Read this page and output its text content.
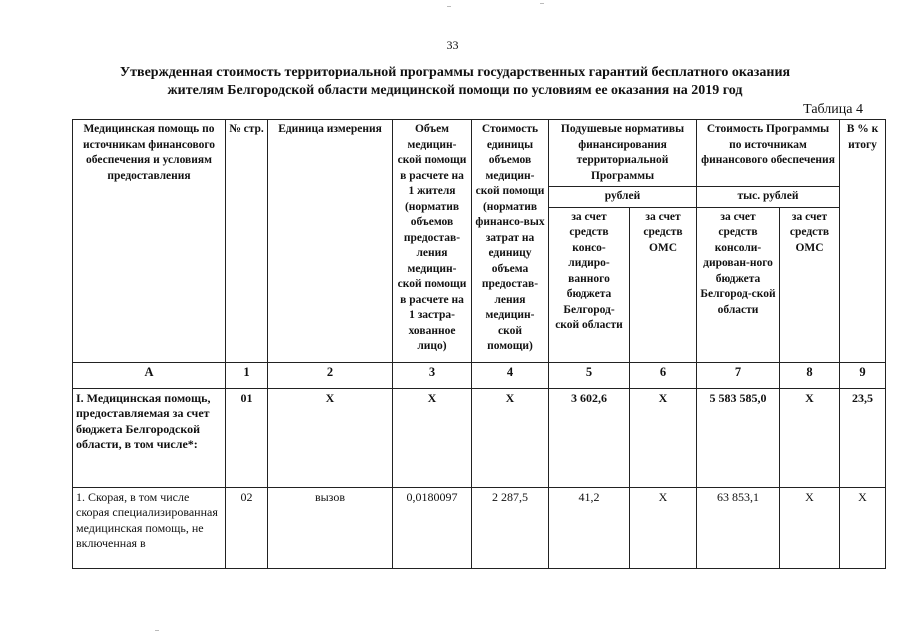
33
Утвержденная стоимость территориальной программы государственных гарантий бесплатного оказания
жителям Белгородской области медицинской помощи по условиям ее оказания на 2019 год
Таблица 4
Медицинская помощь по источникам финансового обеспечения и условиям предоставления	№ стр.	Единица измерения	Объем медицин-ской помощи в расчете на 1 жителя (норматив объемов предостав-ления медицин-ской помощи в расчете на 1 застра-хованное лицо)	Стоимость единицы объемов медицин-ской помощи (норматив финансо-вых затрат на единицу объема предостав-ления медицин-ской помощи)	Подушевые нормативы финансирования территориальной Программы		Стоимость Программы по источникам финансового обеспечения		В % к итогу
					рублей		тыс. рублей		
					за счет средств консо-лидиро-ванного бюджета Белгород-ской области	за счет средств ОМС	за счет средств консоли-дирован-ного бюджета Белгород-ской области	за счет средств ОМС	
А	1	2	3	4	5	6	7	8	9
I. Медицинская помощь, предоставляемая за счет бюджета Белгородской области, в том числе*:	01	Х	Х	Х	3 602,6	Х	5 583 585,0	Х	23,5
1. Скорая, в том числе скорая специализированная медицинская помощь, не включенная в	02	вызов	0,0180097	2 287,5	41,2	Х	63 853,1	Х	Х
